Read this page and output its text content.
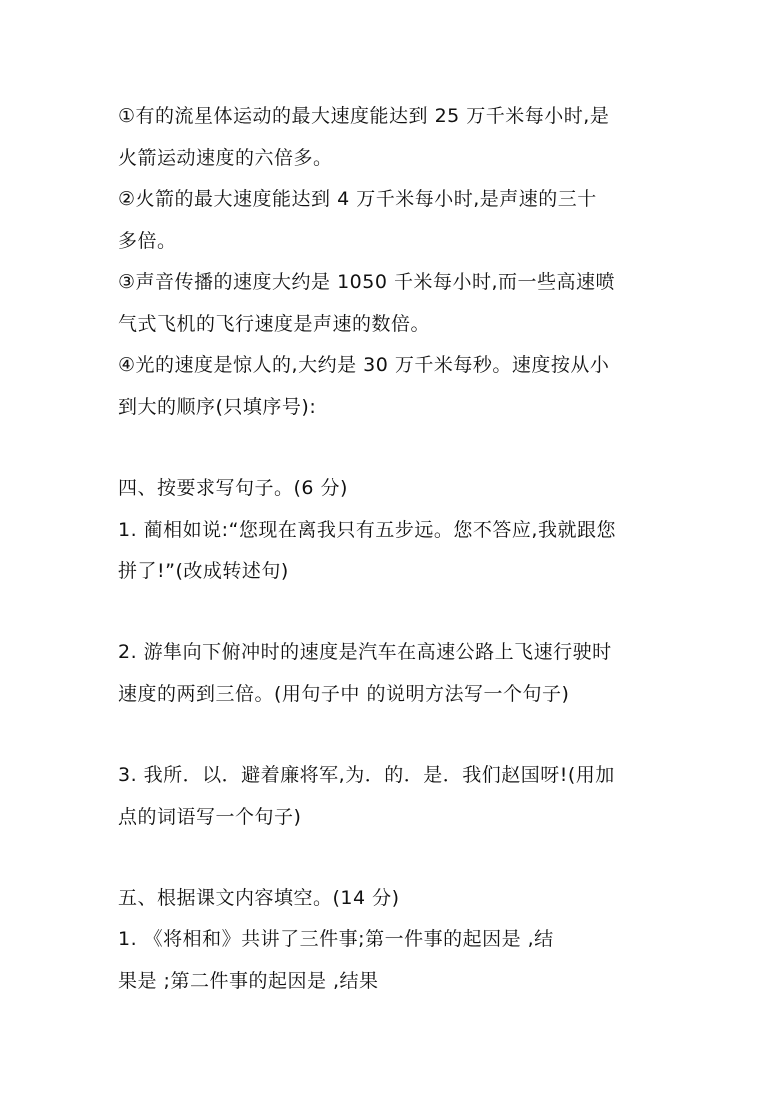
①有的流星体运动的最大速度能达到 25 万千米每小时,是
火箭运动速度的六倍多。
②火箭的最大速度能达到 4 万千米每小时,是声速的三十
多倍。
③声音传播的速度大约是 1050 千米每小时,而一些高速喷
气式飞机的飞行速度是声速的数倍。
④光的速度是惊人的,大约是 30 万千米每秒。速度按从小
到大的顺序(只填序号):
四、按要求写句子。(6 分)
1. 蔺相如说:“您现在离我只有五步远。您不答应,我就跟您
拼了!”(改成转述句)
2. 游隼向下俯冲时的速度是汽车在高速公路上飞速行驶时
速度的两到三倍。(用句子中 的说明方法写一个句子)
3. 我所．以．避着廉将军,为．的．是．我们赵国呀!(用加
点的词语写一个句子)
五、根据课文内容填空。(14 分)
1. 《将相和》共讲了三件事;第一件事的起因是 ,结
果是 ;第二件事的起因是 ,结果
